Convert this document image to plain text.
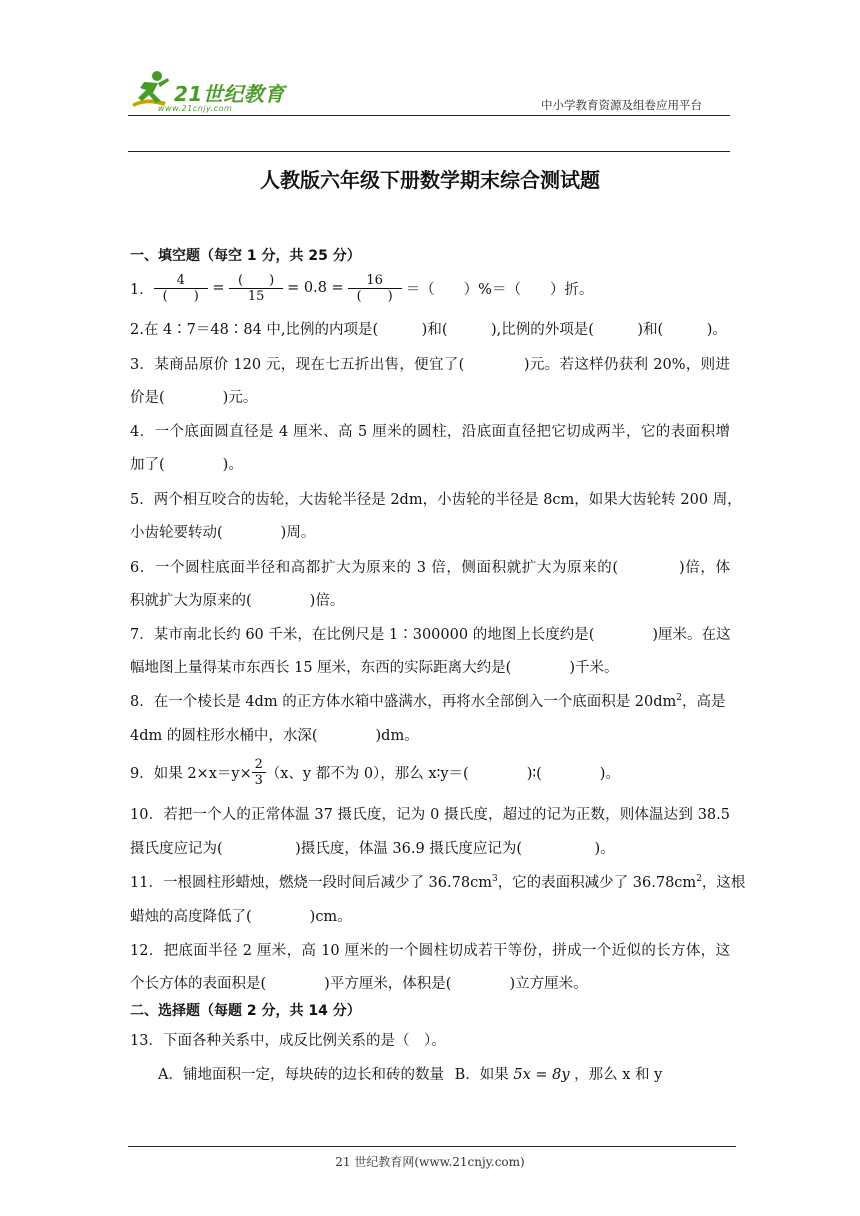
21世纪教育
www.21cnjy.com	中小学教育资源及组卷应用平台
人教版六年级下册数学期末综合测试题
一、填空题（每空 1 分，共 25 分）
1． $\frac{4}{( )} = \frac{( )}{15} = 0.8 = \frac{16}{( )}$ ＝（　　）%＝（　　）折。
2.在 4∶7＝48∶84 中,比例的内项是(　　　)和(　　　),比例的外项是(　　　)和(　　　)。
3．某商品原价 120 元，现在七五折出售，便宜了(　　　　)元。若这样仍获利 20%，则进
价是(　　　　)元。
4．一个底面圆直径是 4 厘米、高 5 厘米的圆柱，沿底面直径把它切成两半，它的表面积增
加了(　　　　)。
5．两个相互咬合的齿轮，大齿轮半径是 2dm，小齿轮的半径是 8cm，如果大齿轮转 200 周，
小齿轮要转动(　　　　)周。
6．一个圆柱底面半径和高都扩大为原来的 3 倍，侧面积就扩大为原来的(　　　　)倍，体
积就扩大为原来的(　　　　)倍。
7．某市南北长约 60 千米，在比例尺是 1∶300000 的地图上长度约是(　　　　)厘米。在这
幅地图上量得某市东西长 15 厘米，东西的实际距离大约是(　　　　)千米。
8．在一个棱长是 4dm 的正方体水箱中盛满水，再将水全部倒入一个底面积是 $20dm^2$，高是
4dm 的圆柱形水桶中，水深(　　　　)dm。
9．如果 $2\times x=y\times \frac{2}{3} (x$、y 都不为 0），那么 x∶y＝(　　　　)∶(　　　　)。
10．若把一个人的正常体温 37 摄氏度，记为 0 摄氏度，超过的记为正数，则体温达到 38.5
摄氏度应记为(　　　　　)摄氏度，体温 36.9 摄氏度应记为(　　　　　)。
11．一根圆柱形蜡烛，燃烧一段时间后减少了 $36.78cm^3$，它的表面积减少了 $36.78cm^2$，这根
蜡烛的高度降低了(　　　　)cm。
12．把底面半径 2 厘米，高 10 厘米的一个圆柱切成若干等份，拼成一个近似的长方体，这
个长方体的表面积是(　　　　)平方厘米，体积是(　　　　)立方厘米。
二、选择题（每题 2 分，共 14 分）
13．下面各种关系中，成反比例关系的是（　）。
A．铺地面积一定，每块砖的边长和砖的数量 B．如果 5x = 8y ，那么 x 和 y
21 世纪教育网(www.21cnjy.com)
